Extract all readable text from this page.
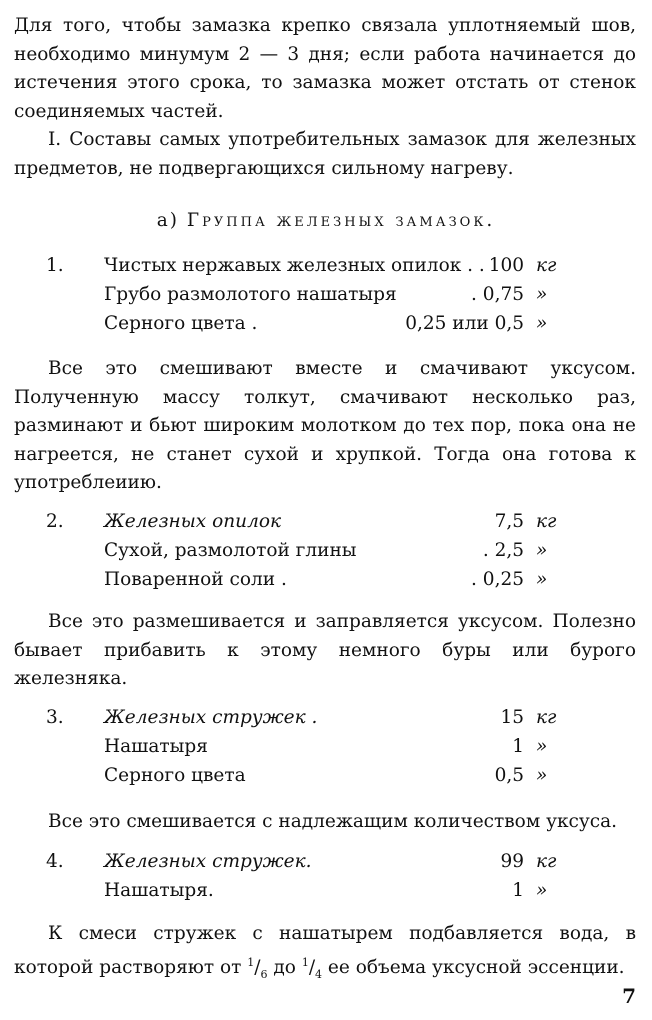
Для того, чтобы замазка крепко связала уплотняемый шов, необходимо минумум 2 — 3 дня; если работа начинается до истечения этого срока, то замазка может отстать от стенок соединяемых частей.

I. Составы самых употребительных замазок для железных предметов, не подвергающихся сильному нагреву.

а) Группа железных замазок.

1. Чистых нержавых железных опилок . . 100 кг
Грубо размолотого нашатыря	. 0,75 »
Серного цвета .	0,25 или 0,5 »

Все это смешивают вместе и смачивают уксусом. Полученную массу толкут, смачивают несколько раз, разминают и бьют широким молотком до тех пор, пока она не нагреется, не станет сухой и хрупкой. Тогда она готова к употреблеиию.

2. Железных опилок	7,5 кг
Сухой, размолотой глины	. 2,5 »
Поваренной соли .	. 0,25 »

Все это размешивается и заправляется уксусом. Полезно бывает прибавить к этому немного буры или бурого железняка.

3. Железных стружек .	15 кг
Нашатыря	1 »
Серного цвета	0,5 »

Все это смешивается с надлежащим количеством уксуса.

4. Железных стружек.	99 кг
Нашатыря.	1 »

К смеси стружек с нашатырем подбавляется вода, в которой растворяют от $^1/_6$ до $^1/_4$ ее объема уксусной эссенции.

7
